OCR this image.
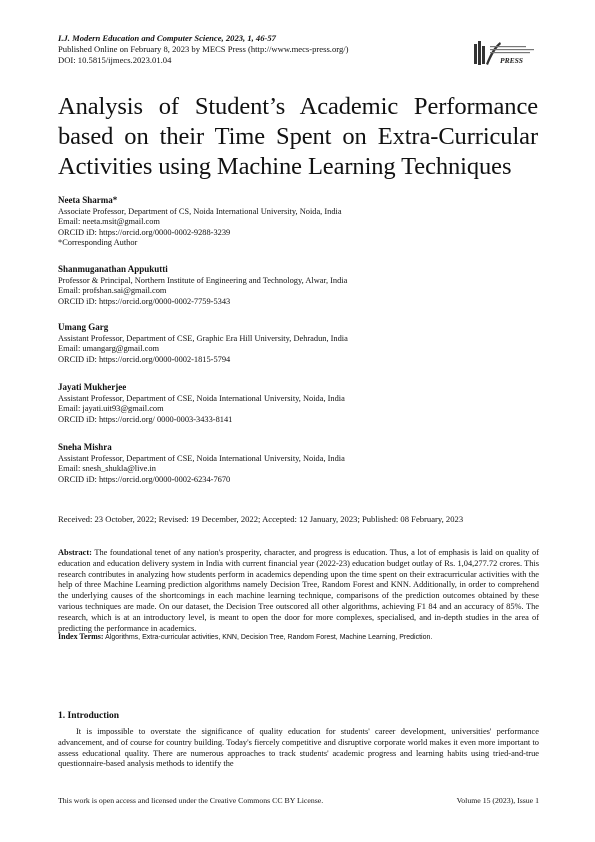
I.J. Modern Education and Computer Science, 2023, 1, 46-57
Published Online on February 8, 2023 by MECS Press (http://www.mecs-press.org/)
DOI: 10.5815/ijmecs.2023.01.04	PRESS
Analysis of Student’s Academic Performance based on their Time Spent on Extra-Curricular Activities using Machine Learning Techniques
Neeta Sharma*
Associate Professor, Department of CS, Noida International University, Noida, India
Email: neeta.msit@gmail.com
ORCID iD: https://orcid.org/0000-0002-9288-3239
*Corresponding Author
Shanmuganathan Appukutti
Professor & Principal, Northern Institute of Engineering and Technology, Alwar, India
Email: profshan.sai@gmail.com
ORCID iD: https://orcid.org/0000-0002-7759-5343
Umang Garg
Assistant Professor, Department of CSE, Graphic Era Hill University, Dehradun, India
Email: umangarg@gmail.com
ORCID iD: https://orcid.org/0000-0002-1815-5794
Jayati Mukherjee
Assistant Professor, Department of CSE, Noida International University, Noida, India
Email: jayati.uit93@gmail.com
ORCID iD: https://orcid.org/ 0000-0003-3433-8141
Sneha Mishra
Assistant Professor, Department of CSE, Noida International University, Noida, India
Email: snesh_shukla@live.in
ORCID iD: https://orcid.org/0000-0002-6234-7670
Received: 23 October, 2022; Revised: 19 December, 2022; Accepted: 12 January, 2023; Published: 08 February, 2023

Abstract: The foundational tenet of any nation's prosperity, character, and progress is education. Thus, a lot of emphasis is laid on quality of education and education delivery system in India with current financial year (2022-23) education budget outlay of Rs. 1,04,277.72 crores. This research contributes in analyzing how students perform in academics depending upon the time spent on their extracurricular activities with the help of three Machine Learning prediction algorithms namely Decision Tree, Random Forest and KNN. Additionally, in order to comprehend the underlying causes of the shortcomings in each machine learning technique, comparisons of the prediction outcomes obtained by these various techniques are made. On our dataset, the Decision Tree outscored all other algorithms, achieving F1 84 and an accuracy of 85%. The research, which is at an introductory level, is meant to open the door for more complexes, specialised, and in-depth studies in the area of predicting the performance in academics.

Index Terms: Algorithms, Extra-curricular activities, KNN, Decision Tree, Random Forest, Machine Learning, Prediction.
1. Introduction

It is impossible to overstate the significance of quality education for students' career development, universities' performance advancement, and of course for country building. Today's fiercely competitive and disruptive corporate world makes it even more important to assess educational quality. There are numerous approaches to track students' academic progress and learning habits using tried-and-true questionnaire-based analysis methods to identify the

This work is open access and licensed under the Creative Commons CC BY License.	Volume 15 (2023), Issue 1
